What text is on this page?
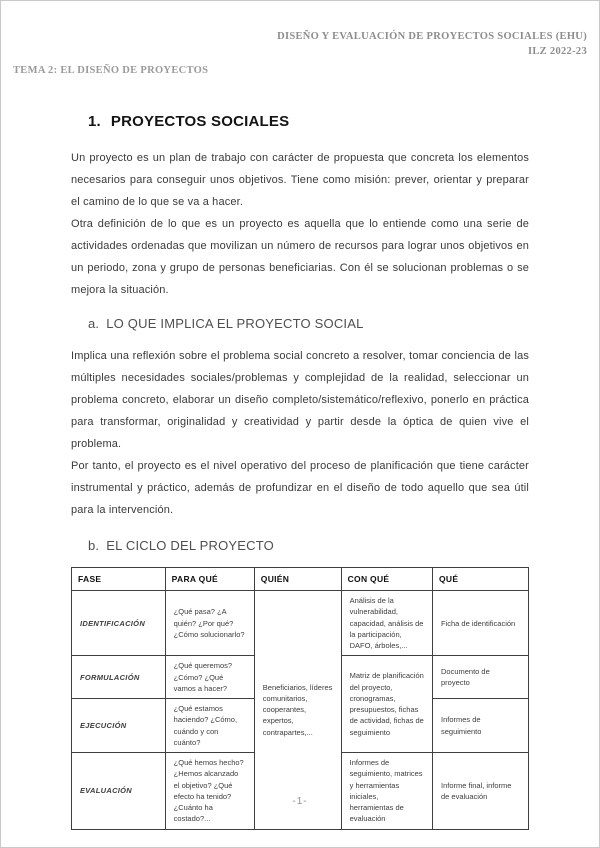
DISEÑO Y EVALUACIÓN DE PROYECTOS SOCIALES (EHU)
ILZ 2022-23
TEMA 2: EL DISEÑO DE PROYECTOS
1. PROYECTOS SOCIALES

Un proyecto es un plan de trabajo con carácter de propuesta que concreta los elementos necesarios para conseguir unos objetivos. Tiene como misión: prever, orientar y preparar el camino de lo que se va a hacer.

Otra definición de lo que es un proyecto es aquella que lo entiende como una serie de actividades ordenadas que movilizan un número de recursos para lograr unos objetivos en un periodo, zona y grupo de personas beneficiarias. Con él se solucionan problemas o se mejora la situación.

a. LO QUE IMPLICA EL PROYECTO SOCIAL

Implica una reflexión sobre el problema social concreto a resolver, tomar conciencia de las múltiples necesidades sociales/problemas y complejidad de la realidad, seleccionar un problema concreto, elaborar un diseño completo/sistemático/reflexivo, ponerlo en práctica para transformar, originalidad y creatividad y partir desde la óptica de quien vive el problema.

Por tanto, el proyecto es el nivel operativo del proceso de planificación que tiene carácter instrumental y práctico, además de profundizar en el diseño de todo aquello que sea útil para la intervención.

b. EL CICLO DEL PROYECTO
FASE	PARA QUÉ	QUIÉN	CON QUÉ	QUÉ
IDENTIFICACIÓN	¿Qué pasa? ¿A quién? ¿Por qué? ¿Cómo solucionarlo?	Beneficiarios, líderes comunitarios, cooperantes, expertos, contrapartes,...	Análisis de la vulnerabilidad, capacidad, análisis de la participación, DAFO, árboles,...	Ficha de identificación
FORMULACIÓN	¿Qué queremos? ¿Cómo? ¿Qué vamos a hacer?		Matriz de planificación del proyecto, cronogramas, presupuestos, fichas de actividad, fichas de seguimiento	Documento de proyecto
EJECUCIÓN	¿Qué estamos haciendo? ¿Cómo, cuándo y con cuánto?			Informes de seguimiento
EVALUACIÓN	¿Qué hemos hecho? ¿Hemos alcanzado el objetivo? ¿Qué efecto ha tenido? ¿Cuánto ha costado?...		Informes de seguimiento, matrices y herramientas iniciales, herramientas de evaluación	Informe final, informe de evaluación
-1-
